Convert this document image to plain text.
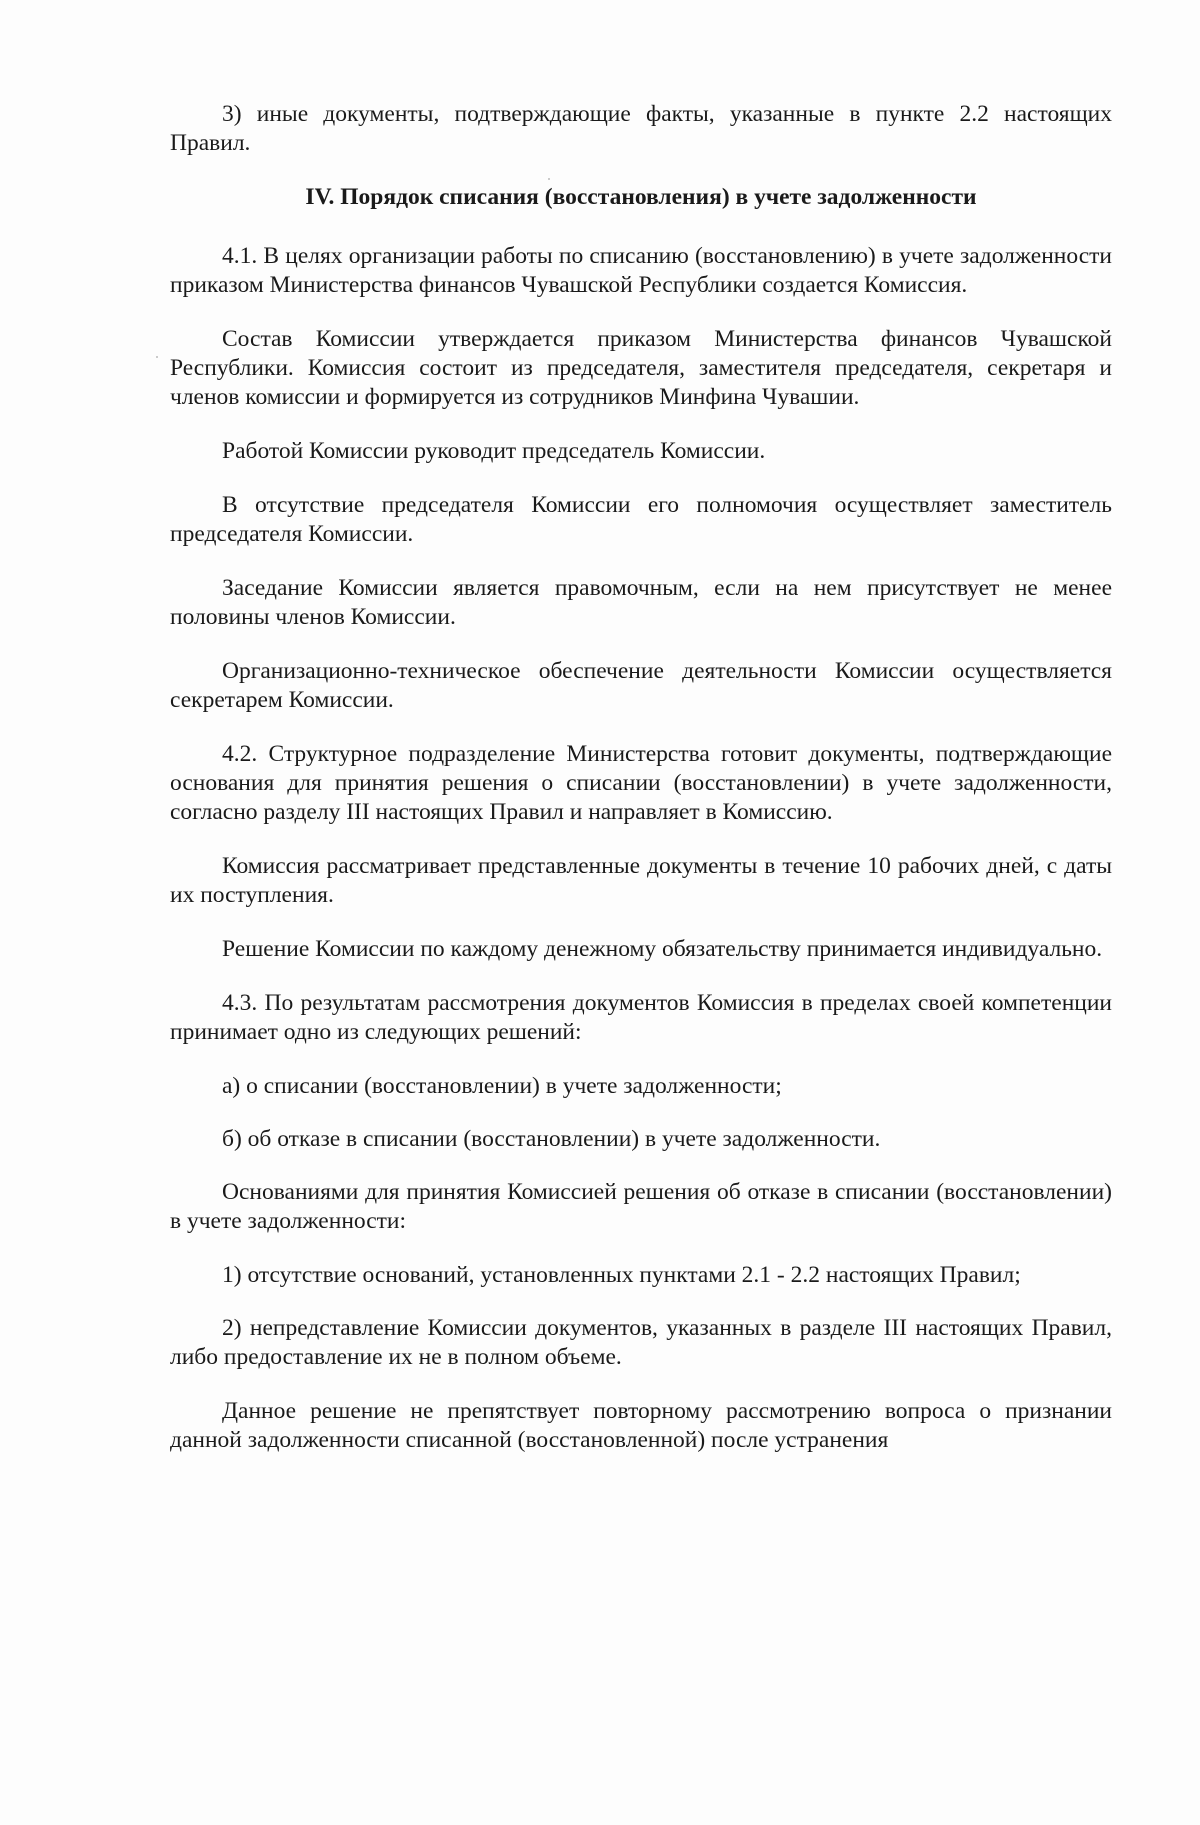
3) иные документы, подтверждающие факты, указанные в пункте 2.2 настоящих Правил.

IV. Порядок списания (восстановления) в учете задолженности

4.1. В целях организации работы по списанию (восстановлению) в учете задолженности приказом Министерства финансов Чувашской Республики создается Комиссия.

Состав Комиссии утверждается приказом Министерства финансов Чувашской Республики. Комиссия состоит из председателя, заместителя председателя, секретаря и членов комиссии и формируется из сотрудников Минфина Чувашии.

Работой Комиссии руководит председатель Комиссии.

В отсутствие председателя Комиссии его полномочия осуществляет заместитель председателя Комиссии.

Заседание Комиссии является правомочным, если на нем присутствует не менее половины членов Комиссии.

Организационно-техническое обеспечение деятельности Комиссии осуществляется секретарем Комиссии.

4.2. Структурное подразделение Министерства готовит документы, подтверждающие основания для принятия решения о списании (восстановлении) в учете задолженности, согласно разделу III настоящих Правил и направляет в Комиссию.

Комиссия рассматривает представленные документы в течение 10 рабочих дней, с даты их поступления.

Решение Комиссии по каждому денежному обязательству принимается индивидуально.

4.3. По результатам рассмотрения документов Комиссия в пределах своей компетенции принимает одно из следующих решений:

а) о списании (восстановлении) в учете задолженности;

б) об отказе в списании (восстановлении) в учете задолженности.

Основаниями для принятия Комиссией решения об отказе в списании (восстановлении) в учете задолженности:

1) отсутствие оснований, установленных пунктами 2.1 - 2.2 настоящих Правил;

2) непредставление Комиссии документов, указанных в разделе III настоящих Правил, либо предоставление их не в полном объеме.

Данное решение не препятствует повторному рассмотрению вопроса о признании данной задолженности списанной (восстановленной) после устранения
